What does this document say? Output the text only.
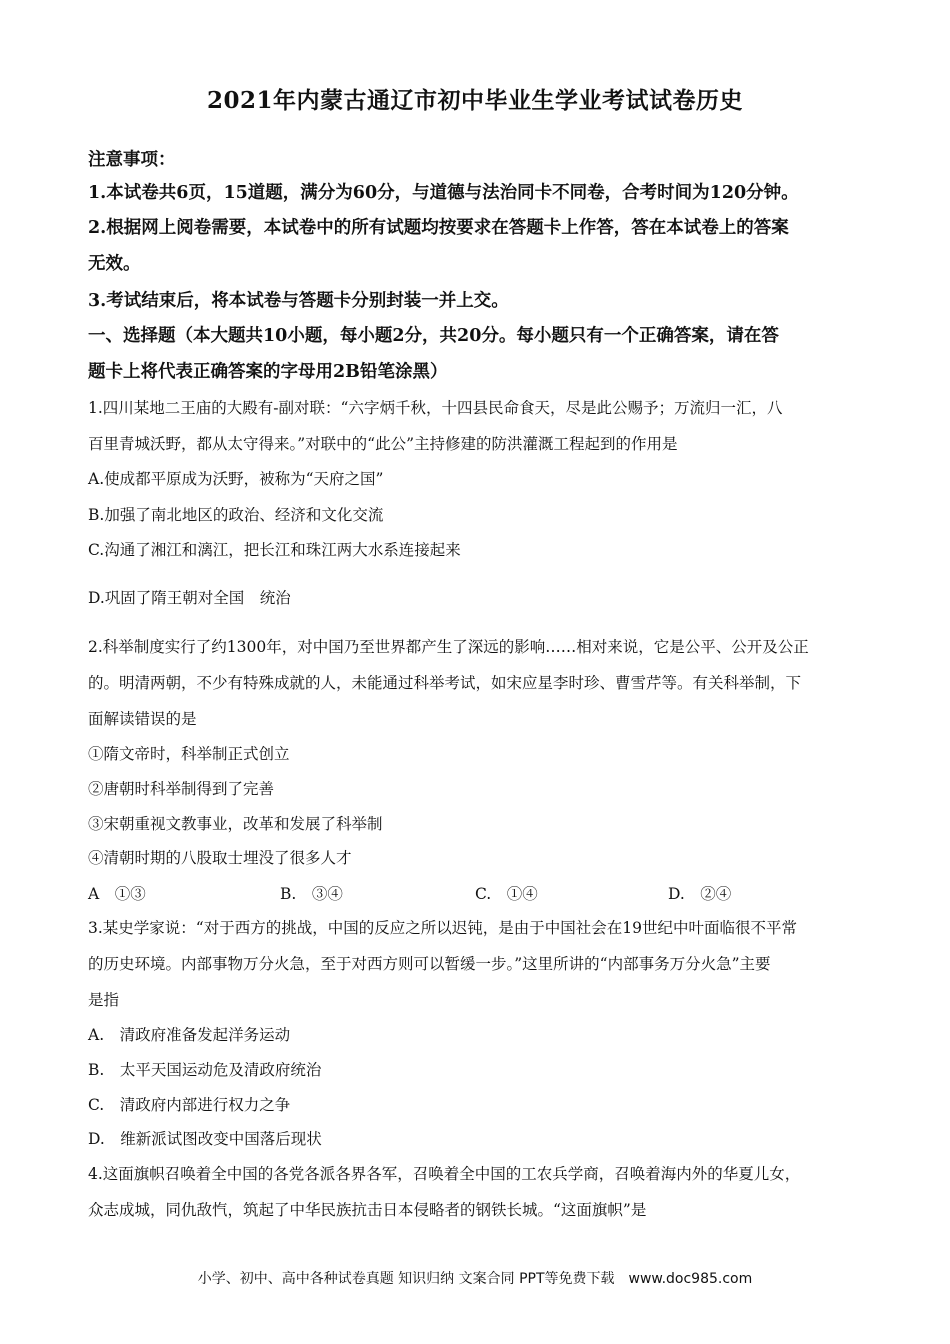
2021年内蒙古通辽市初中毕业生学业考试试卷历史
注意事项：
1.本试卷共6页，15道题，满分为60分，与道德与法治同卡不同卷，合考时间为120分钟。
2.根据网上阅卷需要，本试卷中的所有试题均按要求在答题卡上作答，答在本试卷上的答案
无效。
3.考试结束后，将本试卷与答题卡分别封装一并上交。
一、选择题（本大题共10小题，每小题2分，共20分。每小题只有一个正确答案，请在答
题卡上将代表正确答案的字母用2B铅笔涂黑）
1.四川某地二王庙的大殿有-副对联：“六字炳千秋，十四县民命食天，尽是此公赐予；万流归一汇，八
百里青城沃野，都从太守得来。”对联中的“此公”主持修建的防洪灌溉工程起到的作用是
A.使成都平原成为沃野，被称为“天府之国”
B.加强了南北地区的政治、经济和文化交流
C.沟通了湘江和漓江，把长江和珠江两大水系连接起来
D.巩固了隋王朝对全国　统治
2.科举制度实行了约1300年，对中国乃至世界都产生了深远的影响……相对来说，它是公平、公开及公正
的。明清两朝，不少有特殊成就的人，未能通过科举考试，如宋应星李时珍、曹雪芹等。有关科举制，下
面解读错误的是
①隋文帝时，科举制正式创立
②唐朝时科举制得到了完善
③宋朝重视文教事业，改革和发展了科举制
④清朝时期的八股取士埋没了很多人才
A　①③	B.　③④	C.　①④	D.　②④
3.某史学家说：“对于西方的挑战，中国的反应之所以迟钝，是由于中国社会在19世纪中叶面临很不平常
的历史环境。内部事物万分火急，至于对西方则可以暂缓一步。”这里所讲的“内部事务万分火急”主要
是指
A.　清政府准备发起洋务运动
B.　太平天国运动危及清政府统治
C.　清政府内部进行权力之争
D.　维新派试图改变中国落后现状
4.这面旗帜召唤着全中国的各党各派各界各军，召唤着全中国的工农兵学商，召唤着海内外的华夏儿女，
众志成城，同仇敌忾，筑起了中华民族抗击日本侵略者的钢铁长城。“这面旗帜”是
小学、初中、高中各种试卷真题 知识归纳 文案合同 PPT等免费下载　www.doc985.com
